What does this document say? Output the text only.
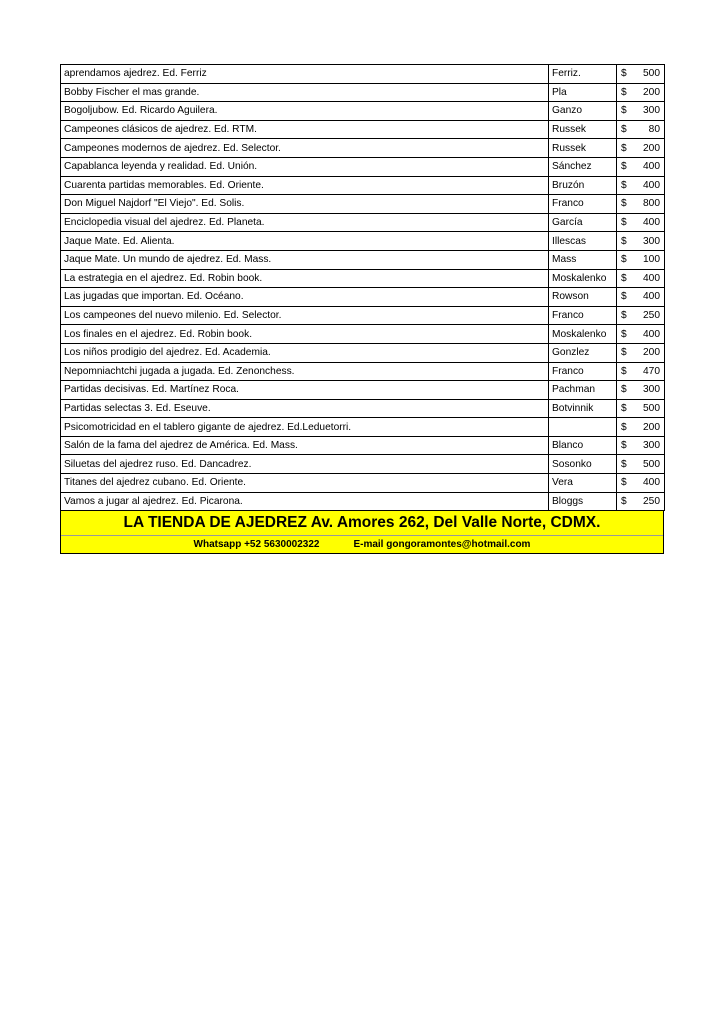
aprendamos ajedrez. Ed. Ferriz	Ferriz.	$ 500

Bobby Fischer el mas grande.	Pla	$ 200

Bogoljubow. Ed. Ricardo Aguilera.	Ganzo	$ 300

Campeones clásicos de ajedrez. Ed. RTM.	Russek	$ 80

Campeones modernos de ajedrez. Ed. Selector.	Russek	$ 200

Capablanca leyenda y realidad. Ed. Unión.	Sánchez	$ 400

Cuarenta partidas memorables. Ed. Oriente.	Bruzón	$ 400

Don Miguel Najdorf "El Viejo". Ed. Solis.	Franco	$ 800

Enciclopedia visual del ajedrez. Ed. Planeta.	García	$ 400

Jaque Mate. Ed. Alienta.	Illescas	$ 300

Jaque Mate. Un mundo de ajedrez. Ed. Mass.	Mass	$ 100

La estrategia en el ajedrez. Ed. Robin book.	Moskalenko	$ 400

Las jugadas que importan. Ed. Océano.	Rowson	$ 400

Los campeones del nuevo milenio. Ed. Selector.	Franco	$ 250

Los finales en el ajedrez. Ed. Robin book.	Moskalenko	$ 400

Los niños prodigio del ajedrez. Ed. Academia.	Gonzlez	$ 200

Nepomniachtchi jugada a jugada. Ed. Zenonchess.	Franco	$ 470

Partidas decisivas. Ed. Martínez Roca.	Pachman	$ 300

Partidas selectas 3. Ed. Eseuve.	Botvinnik	$ 500

Psicomotricidad en el tablero gigante de ajedrez. Ed.Leduetorri.		$ 200

Salón de la fama del ajedrez de América. Ed. Mass.	Blanco	$ 300

Siluetas del ajedrez ruso. Ed. Dancadrez.	Sosonko	$ 500

Titanes del ajedrez cubano. Ed. Oriente.	Vera	$ 400

Vamos a jugar al ajedrez. Ed. Picarona.	Bloggs	$ 250
LA TIENDA DE AJEDREZ Av. Amores 262, Del Valle Norte, CDMX.
Whatsapp +52 5630002322	E-mail gongoramontes@hotmail.com
